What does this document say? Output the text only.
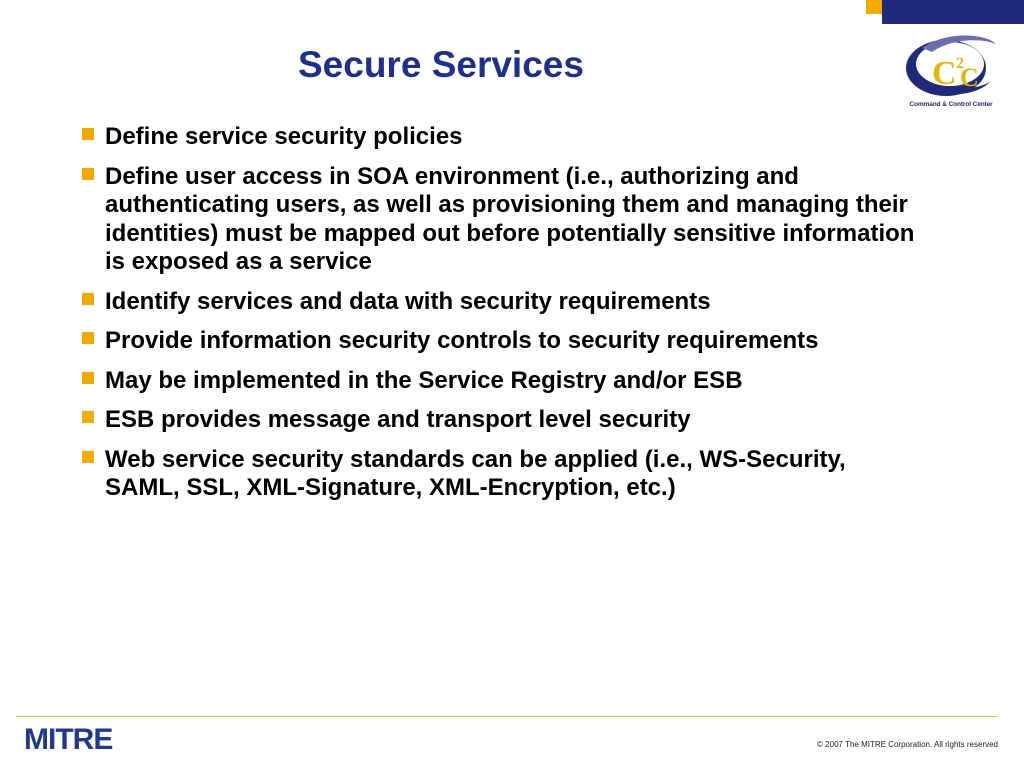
C 2
C
Command & Control Center
Secure Services
Define service security policies
Define user access in SOA environment (i.e., authorizing and authenticating users, as well as provisioning them and managing their identities) must be mapped out before potentially sensitive information is exposed as a service
Identify services and data with security requirements
Provide information security controls to security requirements
May be implemented in the Service Registry and/or ESB
ESB provides message and transport level security
Web service security standards can be applied (i.e., WS-Security, SAML, SSL, XML-Signature, XML-Encryption, etc.)
MITRE	© 2007 The MITRE Corporation. All rights reserved
